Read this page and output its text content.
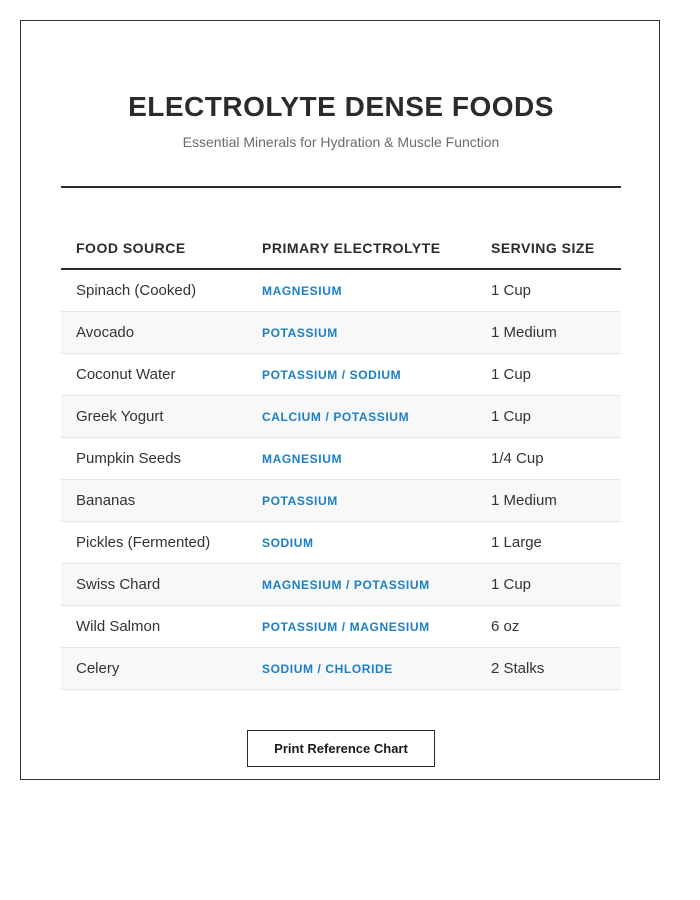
ELECTROLYTE DENSE FOODS

Essential Minerals for Hydration & Muscle Function

FOOD SOURCE	PRIMARY ELECTROLYTE	SERVING SIZE
Spinach (Cooked)	MAGNESIUM	1 Cup
Avocado	POTASSIUM	1 Medium
Coconut Water	POTASSIUM / SODIUM	1 Cup
Greek Yogurt	CALCIUM / POTASSIUM	1 Cup
Pumpkin Seeds	MAGNESIUM	1/4 Cup
Bananas	POTASSIUM	1 Medium
Pickles (Fermented)	SODIUM	1 Large
Swiss Chard	MAGNESIUM / POTASSIUM	1 Cup
Wild Salmon	POTASSIUM / MAGNESIUM	6 oz
Celery	SODIUM / CHLORIDE	2 Stalks
Print Reference Chart
